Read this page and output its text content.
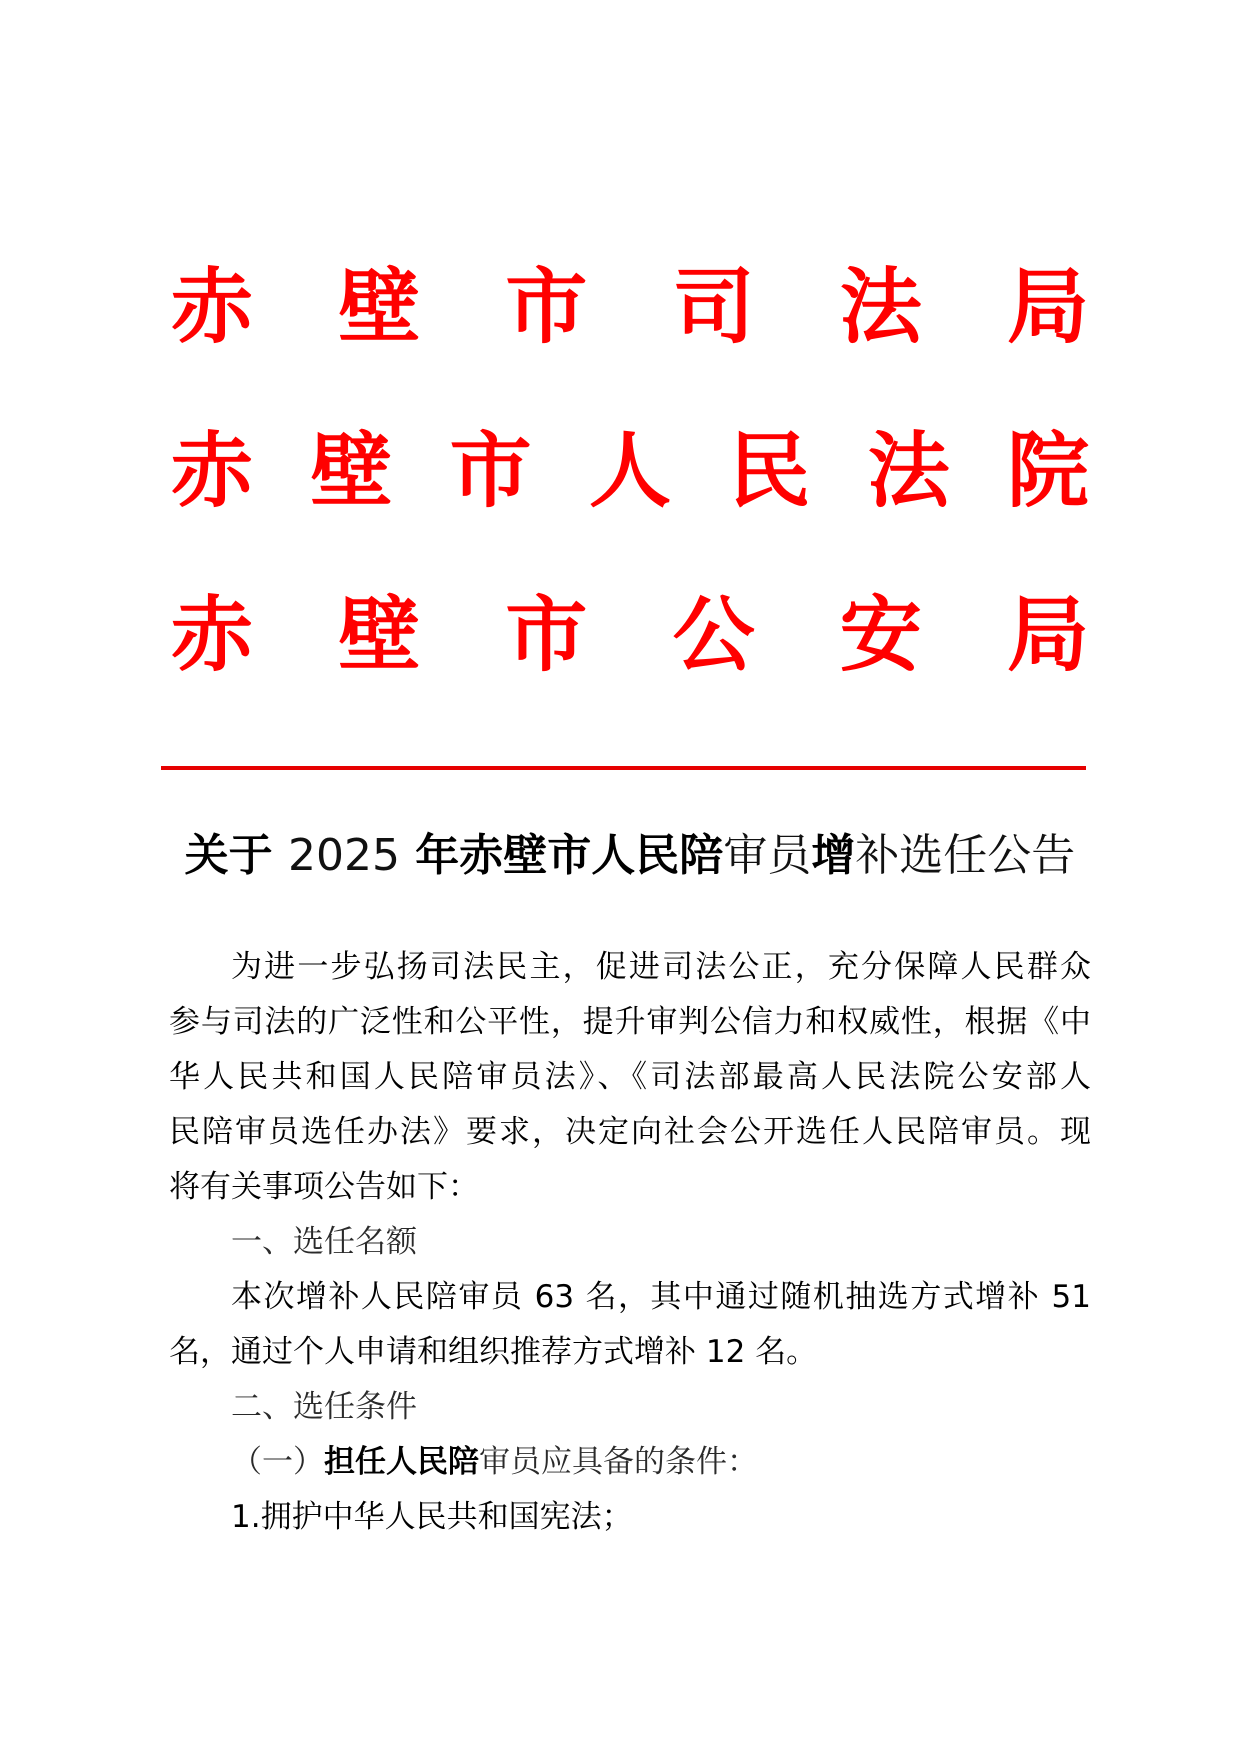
赤壁市司法局
赤壁市人民法院
赤壁市公安局
关于 2025 年赤壁市人民陪审员增补选任公告
为进一步弘扬司法民主，促进司法公正，充分保障人民群众
参与司法的广泛性和公平性，提升审判公信力和权威性，根据《中
华人民共和国人民陪审员法》、《司法部最高人民法院公安部人
民陪审员选任办法》要求，决定向社会公开选任人民陪审员。现
将有关事项公告如下：
一、选任名额
本次增补人民陪审员 63 名，其中通过随机抽选方式增补 51
名，通过个人申请和组织推荐方式增补 12 名。
二、选任条件
（一）担任人民陪审员应具备的条件：
1.拥护中华人民共和国宪法；
